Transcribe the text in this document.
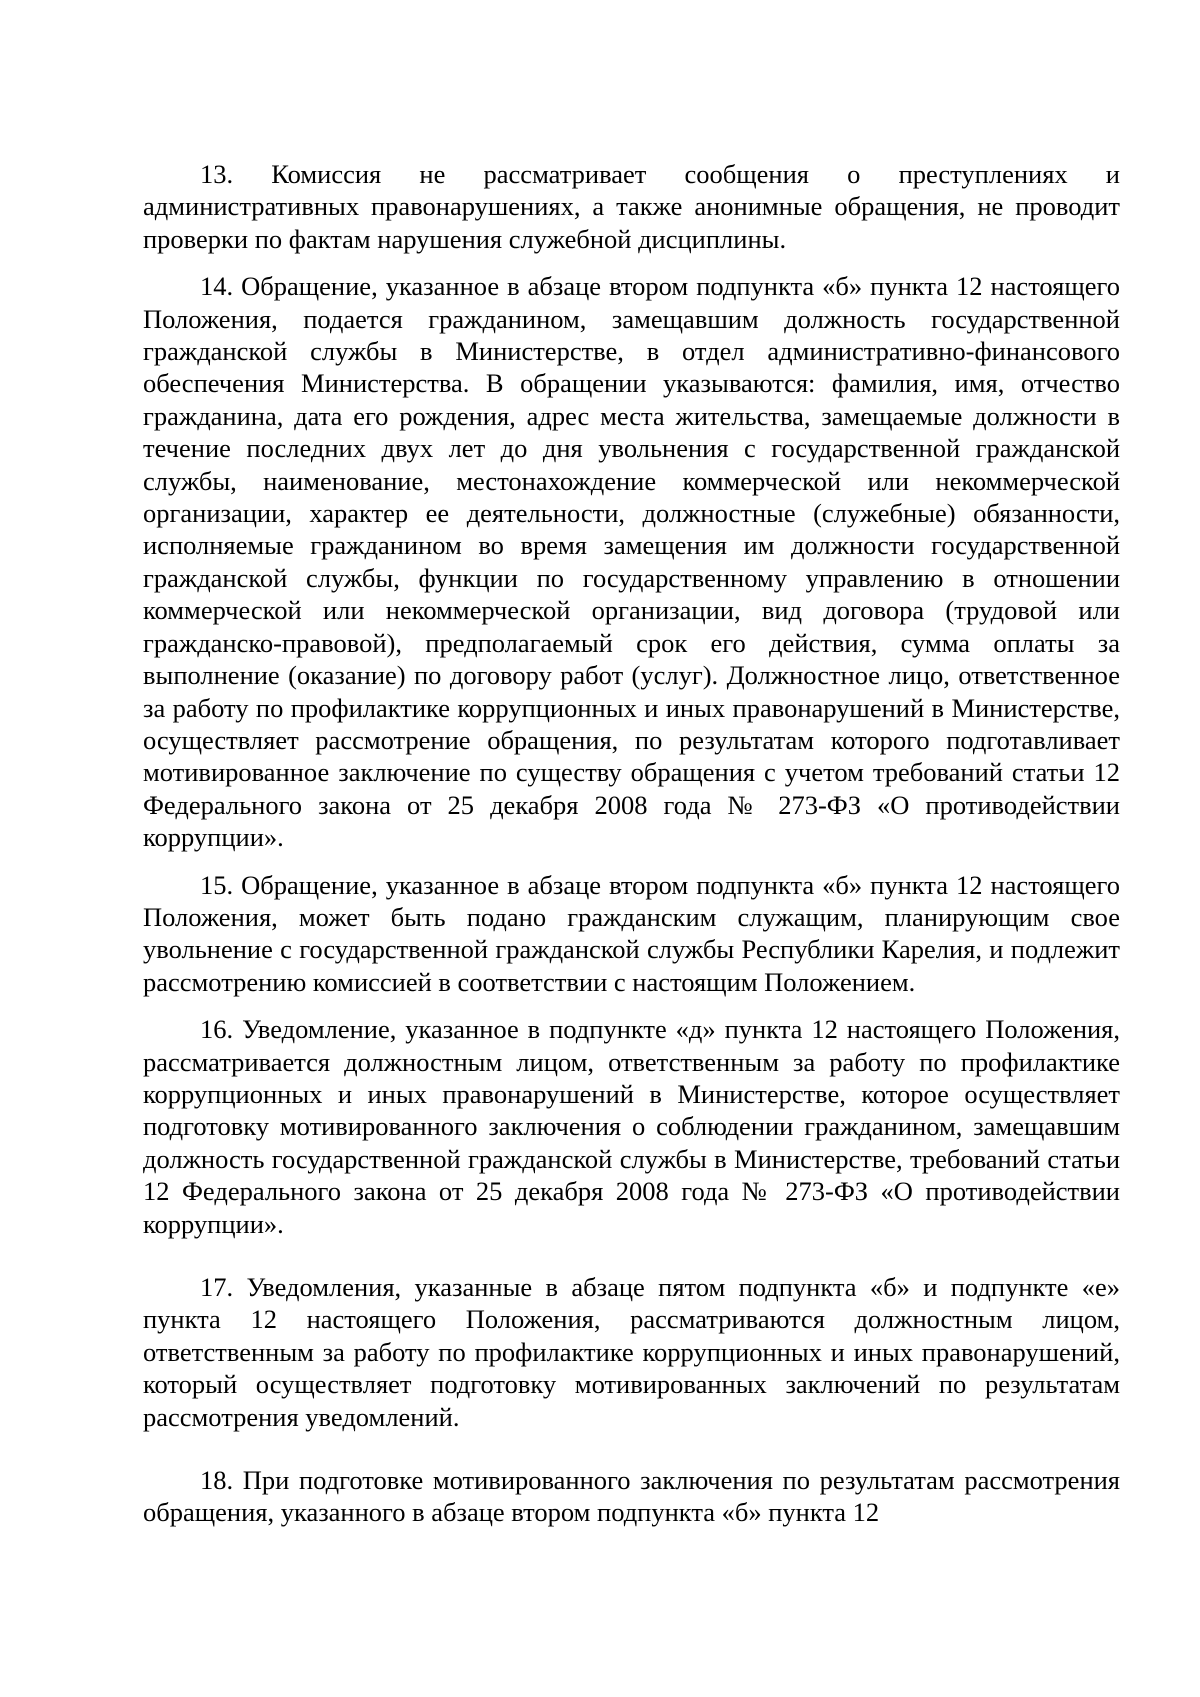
13. Комиссия не рассматривает сообщения о преступлениях и административных правонарушениях, а также анонимные обращения, не проводит проверки по фактам нарушения служебной дисциплины.

14. Обращение, указанное в абзаце втором подпункта «б» пункта 12 настоящего Положения, подается гражданином, замещавшим должность государственной гражданской службы в Министерстве, в отдел административно-финансового обеспечения Министерства. В обращении указываются: фамилия, имя, отчество гражданина, дата его рождения, адрес места жительства, замещаемые должности в течение последних двух лет до дня увольнения с государственной гражданской службы, наименование, местонахождение коммерческой или некоммерческой организации, характер ее деятельности, должностные (служебные) обязанности, исполняемые гражданином во время замещения им должности государственной гражданской службы, функции по государственному управлению в отношении коммерческой или некоммерческой организации, вид договора (трудовой или гражданско-правовой), предполагаемый срок его действия, сумма оплаты за выполнение (оказание) по договору работ (услуг). Должностное лицо, ответственное за работу по профилактике коррупционных и иных правонарушений в Министерстве, осуществляет рассмотрение обращения, по результатам которого подготавливает мотивированное заключение по существу обращения с учетом требований статьи 12 Федерального закона от 25 декабря 2008 года № 273-ФЗ «О противодействии коррупции».

15. Обращение, указанное в абзаце втором подпункта «б» пункта 12 настоящего Положения, может быть подано гражданским служащим, планирующим свое увольнение с государственной гражданской службы Республики Карелия, и подлежит рассмотрению комиссией в соответствии с настоящим Положением.

16. Уведомление, указанное в подпункте «д» пункта 12 настоящего Положения, рассматривается должностным лицом, ответственным за работу по профилактике коррупционных и иных правонарушений в Министерстве, которое осуществляет подготовку мотивированного заключения о соблюдении гражданином, замещавшим должность государственной гражданской службы в Министерстве, требований статьи 12 Федерального закона от 25 декабря 2008 года № 273-ФЗ «О противодействии коррупции».

17. Уведомления, указанные в абзаце пятом подпункта «б» и подпункте «е» пункта 12 настоящего Положения, рассматриваются должностным лицом, ответственным за работу по профилактике коррупционных и иных правонарушений, который осуществляет подготовку мотивированных заключений по результатам рассмотрения уведомлений.

18. При подготовке мотивированного заключения по результатам рассмотрения обращения, указанного в абзаце втором подпункта «б» пункта 12
